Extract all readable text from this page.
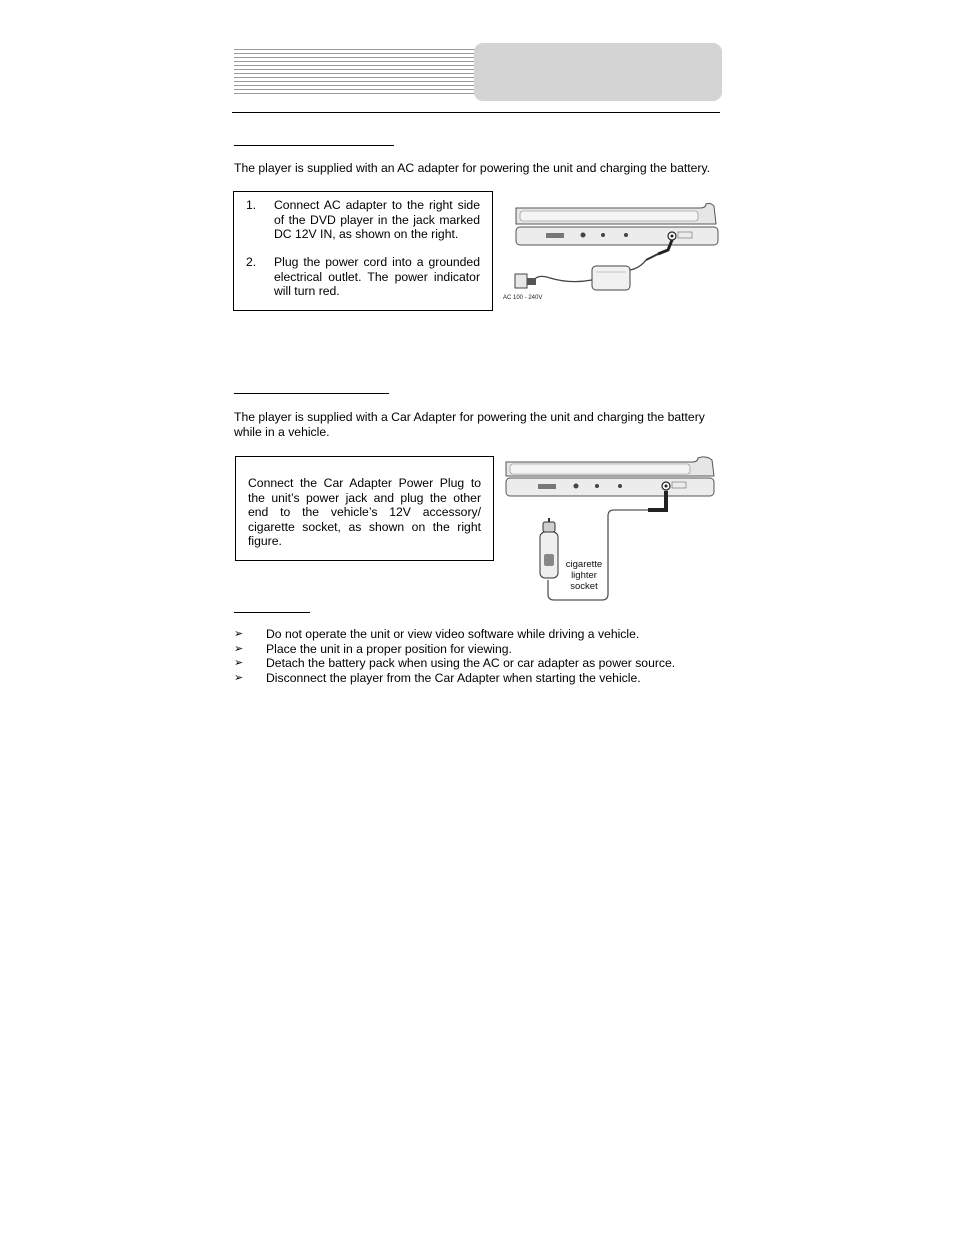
The player is supplied with an AC adapter for powering the unit and charging the battery.
1. Connect AC adapter to the right side of the DVD player in the jack marked DC 12V IN, as shown on the right.
2. Plug the power cord into a grounded electrical outlet. The power indicator will turn red.	AC 100 - 240V
The player is supplied with a Car Adapter for powering the unit and charging the battery while in a vehicle.
Connect the Car Adapter Power Plug to the unit’s power jack and plug the other end to the vehicle’s 12V accessory/ cigarette socket, as shown on the right figure.
cigarette
lighter
socket
➢ Do not operate the unit or view video software while driving a vehicle.
➢ Place the unit in a proper position for viewing.
➢ Detach the battery pack when using the AC or car adapter as power source.
➢ Disconnect the player from the Car Adapter when starting the vehicle.
